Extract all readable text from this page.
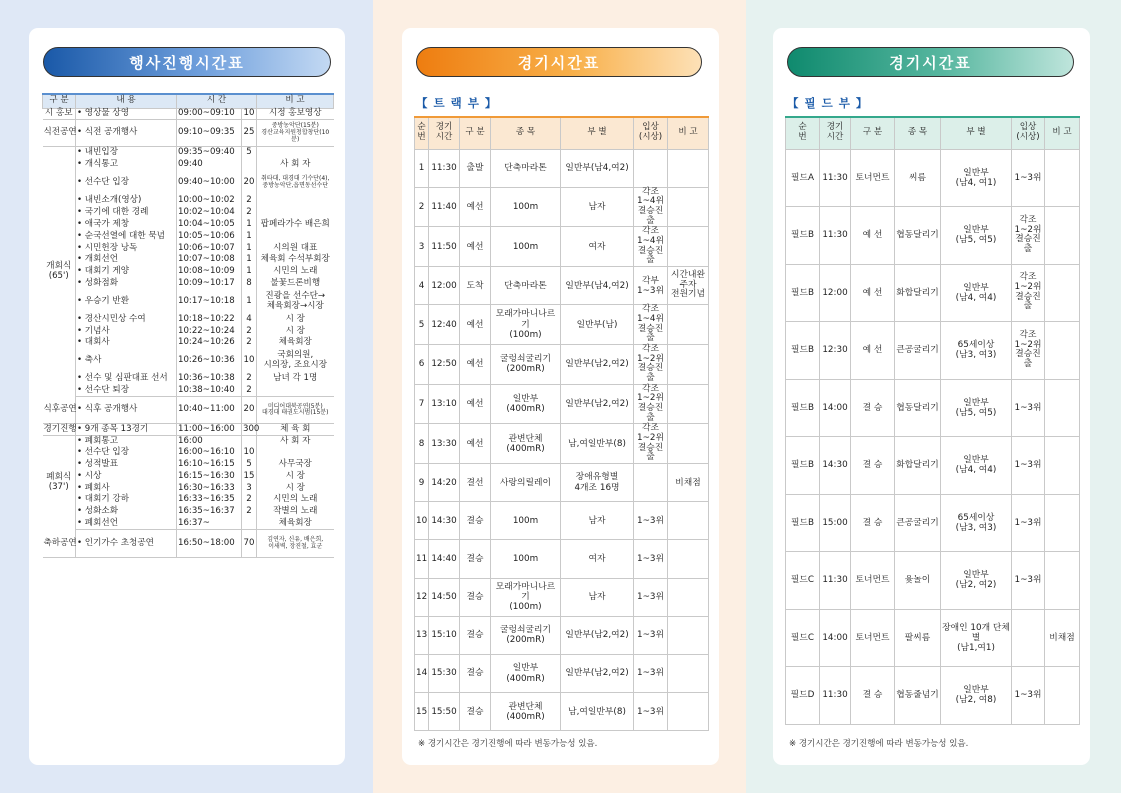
행사진행시간표
구 분	내 용	시 간		비 고
시 홍보	• 영상물 상영	09:00~09:10	10	시정 홍보영상
식전공연	• 식전 공개행사	09:10~09:35	25	중방농악단(15분)
경산교육지원청합창단(10분)
개회식
(65')	• 내빈입장	09:35~09:40	5	
	• 개식통고	09:40		사 회 자
	• 선수단 입장	09:40~10:00	20	취타대, 대경대 기수단(4),
중방농악단,읍면동선수단
	• 내빈소개(영상)	10:00~10:02	2	
	• 국기에 대한 경례	10:02~10:04	2	
	• 애국가 제창	10:04~10:05	1	팝페라가수 배은희
	• 순국선열에 대한 묵념	10:05~10:06	1	
	• 시민헌장 낭독	10:06~10:07	1	시의원 대표
	• 개회선언	10:07~10:08	1	체육회 수석부회장
	• 대회기 게양	10:08~10:09	1	시민의 노래
	• 성화점화	10:09~10:17	8	불꽃드론비행
	• 우승기 반환	10:17~10:18	1	진광을 선수단→
체육회장→시장
	• 경산시민상 수여	10:18~10:22	4	시 장
	• 기념사	10:22~10:24	2	시 장
	• 대회사	10:24~10:26	2	체육회장
	• 축사	10:26~10:36	10	국회의원,
시의장, 조요시장
	• 선수 및 심판대표 선서	10:36~10:38	2	남녀 각 1명
	• 선수단 퇴장	10:38~10:40	2	
식후공연	• 식후 공개행사	10:40~11:00	20	미디어대북공연(5분)
대경대 태권도시범(15분)
경기진행	• 9개 종목 13경기	11:00~16:00	300	체 육 회
폐회식
(37')	• 폐회통고	16:00		사 회 자
	• 선수단 입장	16:00~16:10	10	
	• 성적발표	16:10~16:15	5	사무국장
	• 시상	16:15~16:30	15	시 장
	• 폐회사	16:30~16:33	3	시 장
	• 대회기 강하	16:33~16:35	2	시민의 노래
	• 성화소화	16:35~16:37	2	작별의 노래
	• 폐회선언	16:37~		체육회장
축하공연	• 인기가수 초청공연	16:50~18:00	70	김연자, 신유, 배은희,
이새벽, 장진철, 효군
경기시간표
【 트 랙 부 】
순
번	경기
시간	구 분	종 목	부 별	입상
(시상)	비 고
1	11:30	출발	단축마라톤	일반부(남4,여2)		
2	11:40	예선	100m	남자	각조1~4위
결승진출	
3	11:50	예선	100m	여자	각조1~4위
결승진출	
4	12:00	도착	단축마라톤	일반부(남4,여2)	각부
1~3위	시간내완주자
전원기념
5	12:40	예선	모래가마니나르기
(100m)	일반부(남)	각조1~4위
결승진출	
6	12:50	예선	굴렁쇠굴리기
(200mR)	일반부(남2,여2)	각조1~2위
결승진출	
7	13:10	예선	일반부
(400mR)	일반부(남2,여2)	각조1~2위
결승진출	
8	13:30	예선	관변단체
(400mR)	남,여일반부(8)	각조1~2위
결승진출	
9	14:20	결선	사랑의릴레이	장애유형별
4개조 16명		비채점
10	14:30	결승	100m	남자	1~3위	
11	14:40	결승	100m	여자	1~3위	
12	14:50	결승	모래가마니나르기
(100m)	남자	1~3위	
13	15:10	결승	굴렁쇠굴리기
(200mR)	일반부(남2,여2)	1~3위	
14	15:30	결승	일반부
(400mR)	일반부(남2,여2)	1~3위	
15	15:50	결승	관변단체
(400mR)	남,여일반부(8)	1~3위	
※ 경기시간은 경기진행에 따라 변동가능성 있음.
경기시간표
【 필 드 부 】
순
번	경기
시간	구 분	종 목	부 별	입상
(시상)	비 고
필드A	11:30	토너먼트	씨름	일반부
(남4, 여1)	1~3위	
필드B	11:30	예 선	협동달리기	일반부
(남5, 여5)	각조1~2위
결승진출	
필드B	12:00	예 선	화합달리기	일반부
(남4, 여4)	각조1~2위
결승진출	
필드B	12:30	예 선	큰공굴리기	65세이상
(남3, 여3)	각조1~2위
결승진출	
필드B	14:00	결 승	협동달리기	일반부
(남5, 여5)	1~3위	
필드B	14:30	결 승	화합달리기	일반부
(남4, 여4)	1~3위	
필드B	15:00	결 승	큰공굴리기	65세이상
(남3, 여3)	1~3위	
필드C	11:30	토너먼트	윷놀이	일반부
(남2, 여2)	1~3위	
필드C	14:00	토너먼트	팔씨름	장애인 10개 단체별
(남1,여1)		비채점
필드D	11:30	결 승	협동줄넘기	일반부
(남2, 여8)	1~3위	
※ 경기시간은 경기진행에 따라 변동가능성 있음.
